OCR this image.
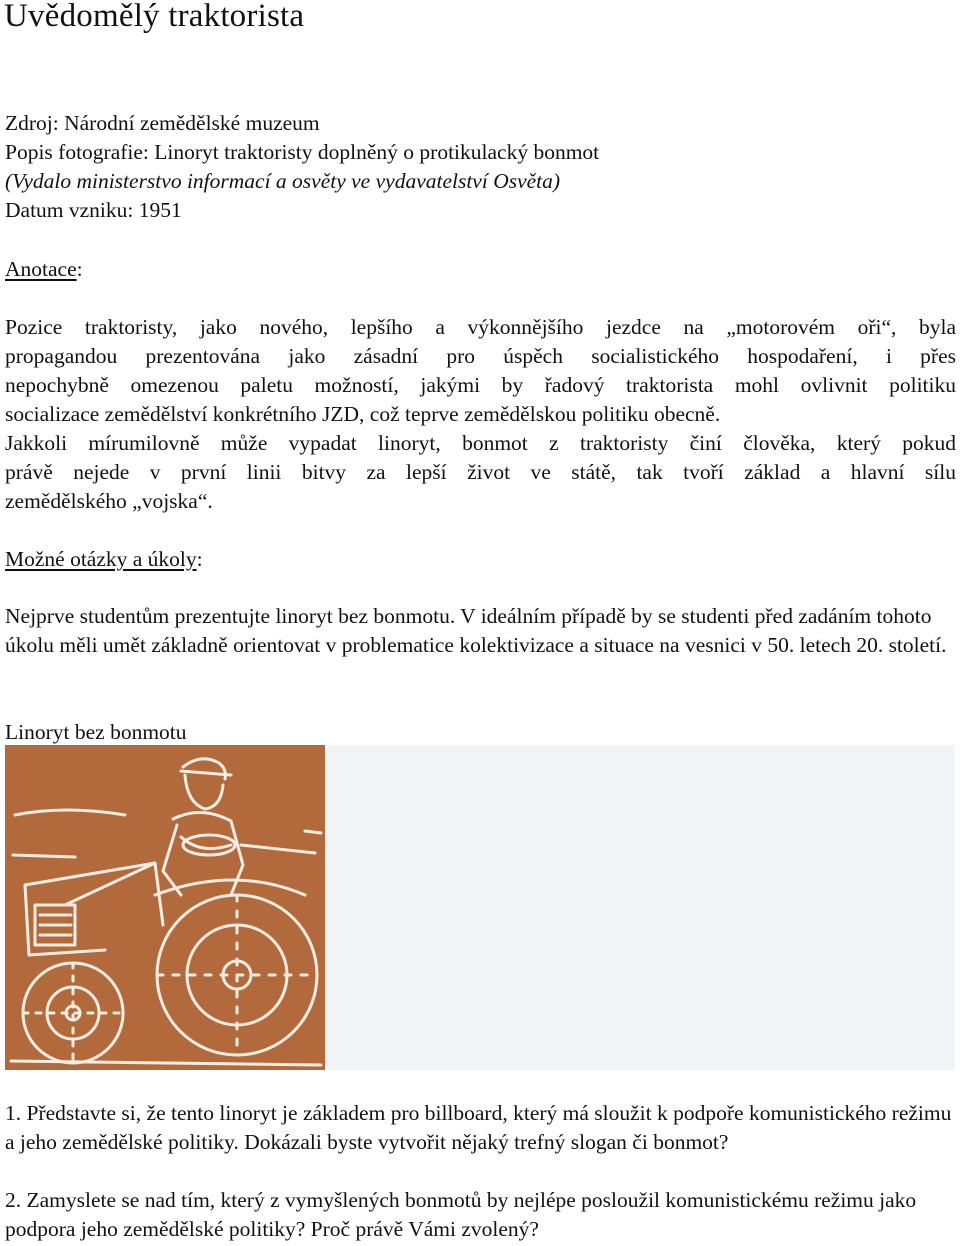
Uvědomělý traktorista

Zdroj: Národní zemědělské muzeum

Popis fotografie: Linoryt traktoristy doplněný o protikulacký bonmot

(Vydalo ministerstvo informací a osvěty ve vydavatelství Osvěta)

Datum vzniku: 1951

Anotace:

Pozice traktoristy, jako nového, lepšího a výkonnějšího jezdce na „motorovém oři“, byla

propagandou prezentována jako zásadní pro úspěch socialistického hospodaření, i přes

nepochybně omezenou paletu možností, jakými by řadový traktorista mohl ovlivnit politiku

socializace zemědělství konkrétního JZD, což teprve zemědělskou politiku obecně.

Jakkoli mírumilovně může vypadat linoryt, bonmot z traktoristy činí člověka, který pokud

právě nejede v první linii bitvy za lepší život ve státě, tak tvoří základ a hlavní sílu

zemědělského „vojska“.

Možné otázky a úkoly:

Nejprve studentům prezentujte linoryt bez bonmotu. V ideálním případě by se studenti před zadáním tohoto úkolu měli umět základně orientovat v problematice kolektivizace a situace na vesnici v 50. letech 20. století.

Linoryt bez bonmotu

1. Představte si, že tento linoryt je základem pro billboard, který má sloužit k podpoře komunistického režimu a jeho zemědělské politiky. Dokázali byste vytvořit nějaký trefný slogan či bonmot?

2. Zamyslete se nad tím, který z vymyšlených bonmotů by nejlépe posloužil komunistickému režimu jako podpora jeho zemědělské politiky? Proč právě Vámi zvolený?
